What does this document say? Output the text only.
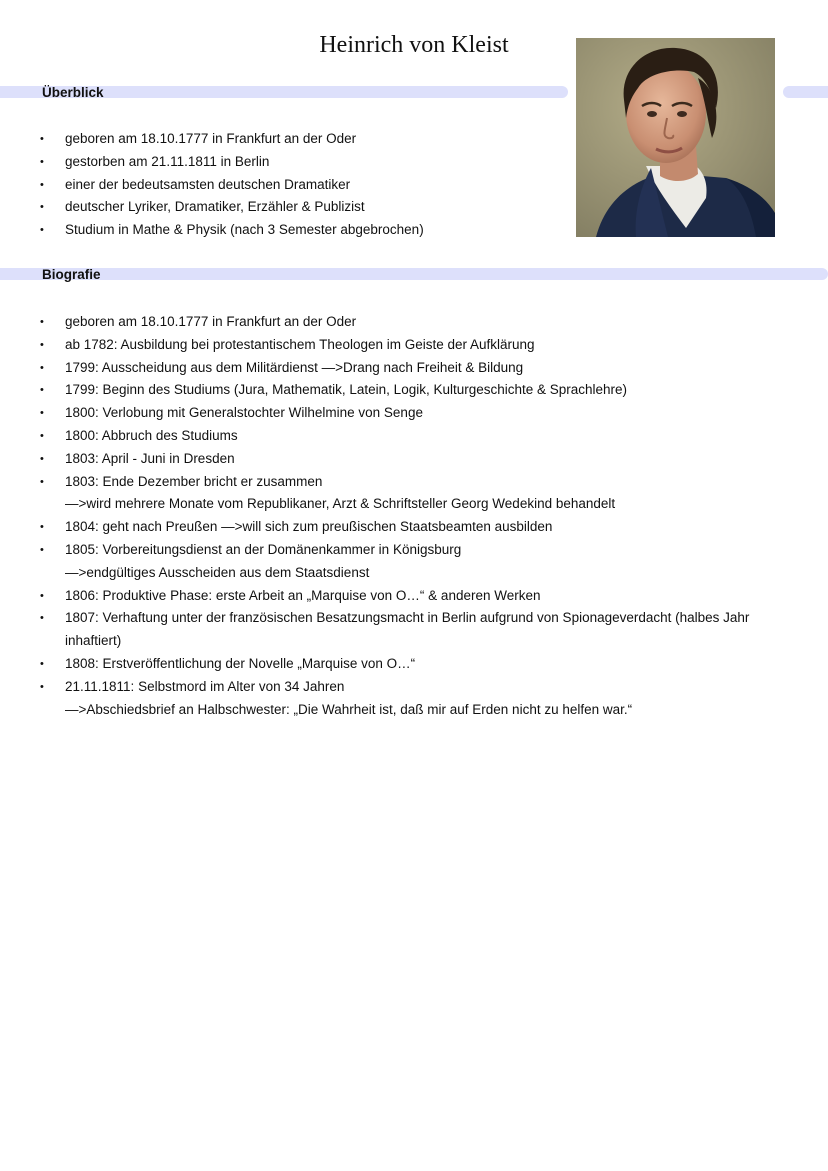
Heinrich von Kleist
Überblick
Biografie
• geboren am 18.10.1777 in Frankfurt an der Oder
• gestorben am 21.11.1811 in Berlin
• einer der bedeutsamsten deutschen Dramatiker
• deutscher Lyriker, Dramatiker, Erzähler & Publizist
• Studium in Mathe & Physik (nach 3 Semester abgebrochen)
• geboren am 18.10.1777 in Frankfurt an der Oder
• ab 1782: Ausbildung bei protestantischem Theologen im Geiste der Aufklärung
• 1799: Ausscheidung aus dem Militärdienst —>Drang nach Freiheit & Bildung
• 1799: Beginn des Studiums (Jura, Mathematik, Latein, Logik, Kulturgeschichte & Sprachlehre)
• 1800: Verlobung mit Generalstochter Wilhelmine von Senge
• 1800: Abbruch des Studiums
• 1803: April - Juni in Dresden
• 1803: Ende Dezember bricht er zusammen
—>wird mehrere Monate vom Republikaner, Arzt & Schriftsteller Georg Wedekind behandelt
• 1804: geht nach Preußen —>will sich zum preußischen Staatsbeamten ausbilden
• 1805: Vorbereitungsdienst an der Domänenkammer in Königsburg
—>endgültiges Ausscheiden aus dem Staatsdienst
• 1806: Produktive Phase: erste Arbeit an „Marquise von O…“ & anderen Werken
• 1807: Verhaftung unter der französischen Besatzungsmacht in Berlin aufgrund von Spionageverdacht (halbes Jahr inhaftiert)
• 1808: Erstveröffentlichung der Novelle „Marquise von O…“
• 21.11.1811: Selbstmord im Alter von 34 Jahren
—>Abschiedsbrief an Halbschwester: „Die Wahrheit ist, daß mir auf Erden nicht zu helfen war.“
